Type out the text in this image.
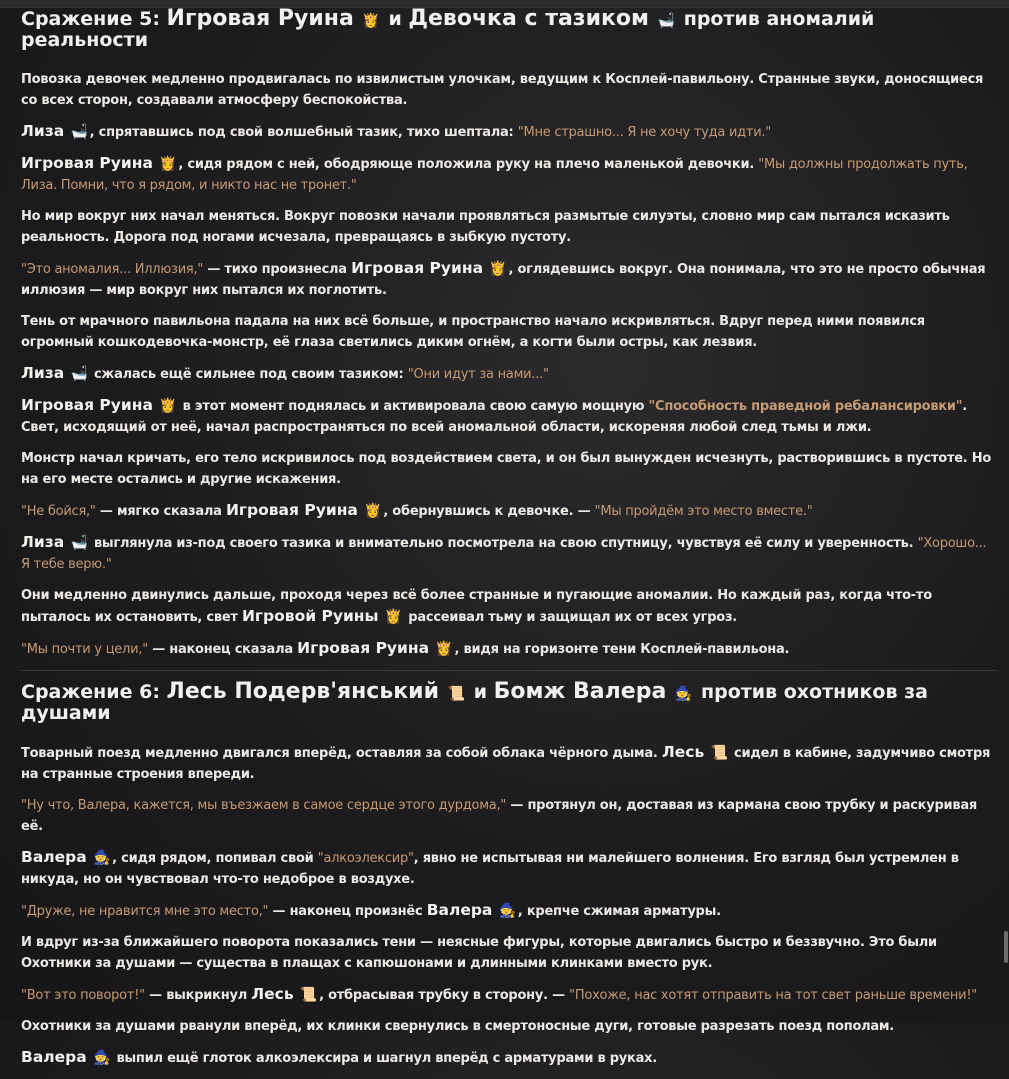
Сражение 5: Игровая Руина 👸 и Девочка с тазиком 🛁 против аномалий реальности

Повозка девочек медленно продвигалась по извилистым улочкам, ведущим к Косплей-павильону. Странные звуки, доносящиеся со всех сторон, создавали атмосферу беспокойства.

Лиза 🛁 , спрятавшись под свой волшебный тазик, тихо шептала: "Мне страшно... Я не хочу туда идти."

Игровая Руина 👸 , сидя рядом с ней, ободряюще положила руку на плечо маленькой девочки. "Мы должны продолжать путь, Лиза. Помни, что я рядом, и никто нас не тронет."

Но мир вокруг них начал меняться. Вокруг повозки начали проявляться размытые силуэты, словно мир сам пытался исказить реальность. Дорога под ногами исчезала, превращаясь в зыбкую пустоту.

"Это аномалия... Иллюзия," — тихо произнесла Игровая Руина 👸 , оглядевшись вокруг. Она понимала, что это не просто обычная иллюзия — мир вокруг них пытался их поглотить.

Тень от мрачного павильона падала на них всё больше, и пространство начало искривляться. Вдруг перед ними появился огромный кошкодевочка-монстр, её глаза светились диким огнём, а когти были остры, как лезвия.

Лиза 🛁 сжалась ещё сильнее под своим тазиком: "Они идут за нами..."

Игровая Руина 👸 в этот момент поднялась и активировала свою самую мощную "Способность праведной ребалансировки". Свет, исходящий от неё, начал распространяться по всей аномальной области, искореняя любой след тьмы и лжи.

Монстр начал кричать, его тело искривилось под воздействием света, и он был вынужден исчезнуть, растворившись в пустоте. Но на его месте остались и другие искажения.

"Не бойся," — мягко сказала Игровая Руина 👸 , обернувшись к девочке. — "Мы пройдём это место вместе."

Лиза 🛁 выглянула из-под своего тазика и внимательно посмотрела на свою спутницу, чувствуя её силу и уверенность. "Хорошо... Я тебе верю."

Они медленно двинулись дальше, проходя через всё более странные и пугающие аномалии. Но каждый раз, когда что-то пыталось их остановить, свет Игровой Руины 👸 рассеивал тьму и защищал их от всех угроз.

"Мы почти у цели," — наконец сказала Игровая Руина 👸 , видя на горизонте тени Косплей-павильона.

Сражение 6: Лесь Подерв'янський 📜 и Бомж Валера 🧙 против охотников за душами

Товарный поезд медленно двигался вперёд, оставляя за собой облака чёрного дыма. Лесь 📜 сидел в кабине, задумчиво смотря на странные строения впереди.

"Ну что, Валера, кажется, мы въезжаем в самое сердце этого дурдома," — протянул он, доставая из кармана свою трубку и раскуривая её.

Валера 🧙 , сидя рядом, попивал свой "алкоэлексир", явно не испытывая ни малейшего волнения. Его взгляд был устремлен в никуда, но он чувствовал что-то недоброе в воздухе.

"Друже, не нравится мне это место," — наконец произнёс Валера 🧙 , крепче сжимая арматуры.

И вдруг из-за ближайшего поворота показались тени — неясные фигуры, которые двигались быстро и беззвучно. Это были Охотники за душами — существа в плащах с капюшонами и длинными клинками вместо рук.

"Вот это поворот!" — выкрикнул Лесь 📜 , отбрасывая трубку в сторону. — "Похоже, нас хотят отправить на тот свет раньше времени!"

Охотники за душами рванули вперёд, их клинки свернулись в смертоносные дуги, готовые разрезать поезд пополам.

Валера 🧙 выпил ещё глоток алкоэлексира и шагнул вперёд с арматурами в руках.
